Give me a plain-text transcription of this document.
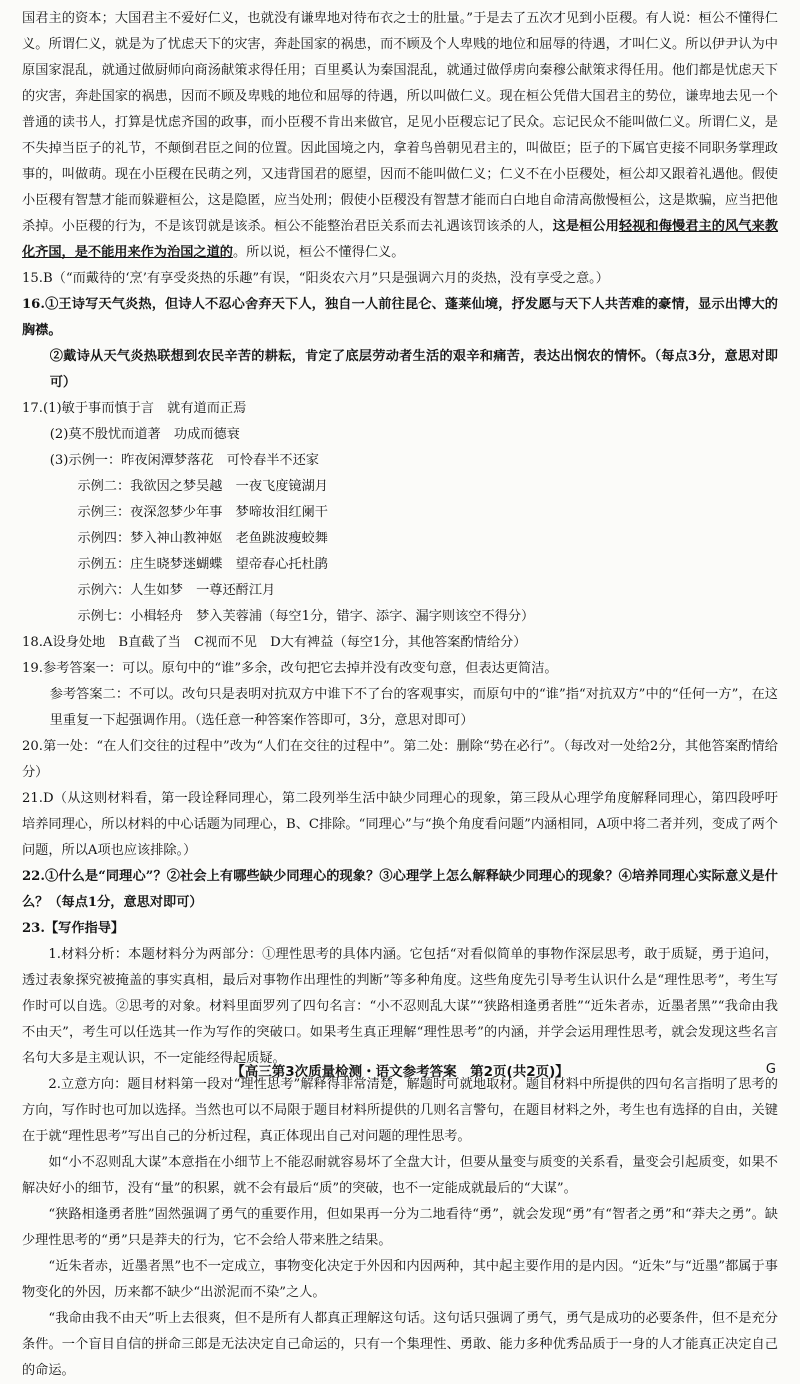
国君主的资本；大国君主不爱好仁义，也就没有谦卑地对待布衣之士的肚量。”于是去了五次才见到小臣稷。有人说：桓公不懂得仁义。所谓仁义，就是为了忧虑天下的灾害，奔赴国家的祸患，而不顾及个人卑贱的地位和屈辱的待遇，才叫仁义。所以伊尹认为中原国家混乱，就通过做厨师向商汤献策求得任用；百里奚认为秦国混乱，就通过做俘虏向秦穆公献策求得任用。他们都是忧虑天下的灾害，奔赴国家的祸患，因而不顾及卑贱的地位和屈辱的待遇，所以叫做仁义。现在桓公凭借大国君主的势位，谦卑地去见一个普通的读书人，打算是忧虑齐国的政事，而小臣稷不肯出来做官，足见小臣稷忘记了民众。忘记民众不能叫做仁义。所谓仁义，是不失掉当臣子的礼节，不颠倒君臣之间的位置。因此国境之内，拿着鸟兽朝见君主的，叫做臣；臣子的下属官吏接不同职务掌理政事的，叫做萌。现在小臣稷在民萌之列，又违背国君的愿望，因而不能叫做仁义；仁义不在小臣稷处，桓公却又跟着礼遇他。假使小臣稷有智慧才能而躲避桓公，这是隐匿，应当处刑；假使小臣稷没有智慧才能而白白地自命清高傲慢桓公，这是欺骗，应当把他杀掉。小臣稷的行为，不是该罚就是该杀。桓公不能整治君臣关系而去礼遇该罚该杀的人，这是桓公用轻视和侮慢君主的风气来教化齐国，是不能用来作为治国之道的。所以说，桓公不懂得仁义。

15.B（“而戴待的‘烹’有享受炎热的乐趣”有误，“阳炎农六月”只是强调六月的炎热，没有享受之意。）

16.①王诗写天气炎热，但诗人不忍心舍弃天下人，独自一人前往昆仑、蓬莱仙境，抒发愿与天下人共苦难的豪情，显示出博大的胸襟。

②戴诗从天气炎热联想到农民辛苦的耕耘，肯定了底层劳动者生活的艰辛和痛苦，表达出悯农的情怀。（每点3分，意思对即可）

17.(1)敏于事而慎于言　就有道而正焉

(2)莫不殷忧而道著　功成而德衰

(3)示例一：昨夜闲潭梦落花　可怜春半不还家

示例二：我欲因之梦吴越　一夜飞度镜湖月

示例三：夜深忽梦少年事　梦啼妆泪红阑干

示例四：梦入神山教神妪　老鱼跳波瘦蛟舞

示例五：庄生晓梦迷蝴蝶　望帝春心托杜鹃

示例六：人生如梦　一尊还酹江月

示例七：小楫轻舟　梦入芙蓉浦（每空1分，错字、添字、漏字则该空不得分）

18.A设身处地　B直截了当　C视而不见　D大有裨益（每空1分，其他答案酌情给分）

19.参考答案一：可以。原句中的“谁”多余，改句把它去掉并没有改变句意，但表达更简洁。

参考答案二：不可以。改句只是表明对抗双方中谁下不了台的客观事实，而原句中的“谁”指“对抗双方”中的“任何一方”，在这里重复一下起强调作用。（选任意一种答案作答即可，3分，意思对即可）

20.第一处：“在人们交往的过程中”改为“人们在交往的过程中”。第二处：删除“势在必行”。（每改对一处给2分，其他答案酌情给分）

21.D（从这则材料看，第一段诠释同理心，第二段列举生活中缺少同理心的现象，第三段从心理学角度解释同理心，第四段呼吁培养同理心，所以材料的中心话题为同理心，B、C排除。“同理心”与“换个角度看问题”内涵相同，A项中将二者并列，变成了两个问题，所以A项也应该排除。）

22.①什么是“同理心”？②社会上有哪些缺少同理心的现象？③心理学上怎么解释缺少同理心的现象？④培养同理心实际意义是什么？（每点1分，意思对即可）

23.【写作指导】

1.材料分析：本题材料分为两部分：①理性思考的具体内涵。它包括“对看似简单的事物作深层思考，敢于质疑，勇于追问，透过表象探究被掩盖的事实真相，最后对事物作出理性的判断”等多种角度。这些角度先引导考生认识什么是“理性思考”，考生写作时可以自选。②思考的对象。材料里面罗列了四句名言：“小不忍则乱大谋”“狭路相逢勇者胜”“近朱者赤，近墨者黑”“我命由我不由天”，考生可以任选其一作为写作的突破口。如果考生真正理解“理性思考”的内涵，并学会运用理性思考，就会发现这些名言名句大多是主观认识，不一定能经得起质疑。

2.立意方向：题目材料第一段对“理性思考”解释得非常清楚，解题时可就地取材。题目材料中所提供的四句名言指明了思考的方向，写作时也可加以选择。当然也可以不局限于题目材料所提供的几则名言警句，在题目材料之外，考生也有选择的自由，关键在于就“理性思考”写出自己的分析过程，真正体现出自己对问题的理性思考。

如“小不忍则乱大谋”本意指在小细节上不能忍耐就容易坏了全盘大计，但要从量变与质变的关系看，量变会引起质变，如果不解决好小的细节，没有“量”的积累，就不会有最后“质”的突破，也不一定能成就最后的“大谋”。

“狭路相逢勇者胜”固然强调了勇气的重要作用，但如果再一分为二地看待“勇”，就会发现“勇”有“智者之勇”和“莽夫之勇”。缺少理性思考的“勇”只是莽夫的行为，它不会给人带来胜之结果。

“近朱者赤，近墨者黑”也不一定成立，事物变化决定于外因和内因两种，其中起主要作用的是内因。“近朱”与“近墨”都属于事物变化的外因，历来都不缺少“出淤泥而不染”之人。

“我命由我不由天”听上去很爽，但不是所有人都真正理解这句话。这句话只强调了勇气，勇气是成功的必要条件，但不是充分条件。一个盲目自信的拼命三郎是无法决定自己命运的，只有一个集理性、勇敢、能力多种优秀品质于一身的人才能真正决定自己的命运。

【高三第3次质量检测・语文参考答案　第2页(共2页)】	G
